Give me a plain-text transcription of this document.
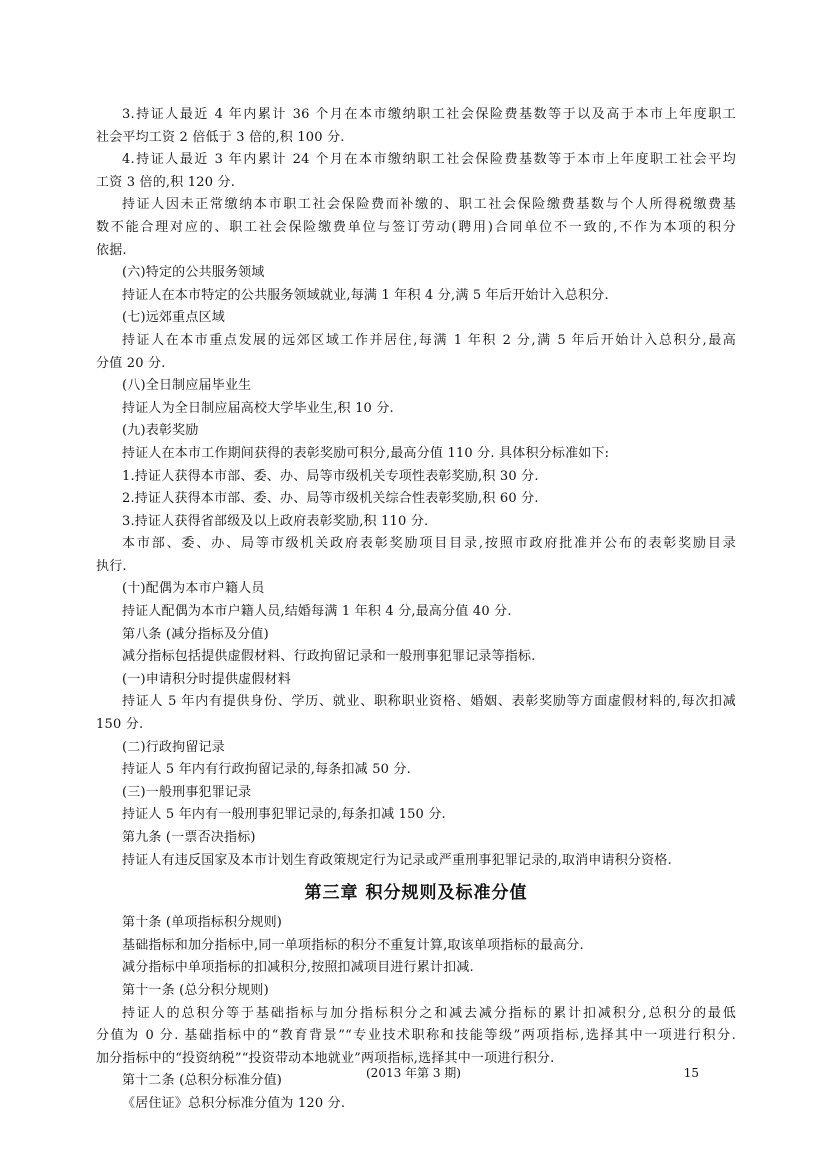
3.持证人最近 4 年内累计 36 个月在本市缴纳职工社会保险费基数等于以及高于本市上年度职工
社会平均工资 2 倍低于 3 倍的,积 100 分.
4.持证人最近 3 年内累计 24 个月在本市缴纳职工社会保险费基数等于本市上年度职工社会平均
工资 3 倍的,积 120 分.
持证人因未正常缴纳本市职工社会保险费而补缴的、职工社会保险缴费基数与个人所得税缴费基
数不能合理对应的、职工社会保险缴费单位与签订劳动(聘用)合同单位不一致的,不作为本项的积分
依据.
(六)特定的公共服务领域
持证人在本市特定的公共服务领域就业,每满 1 年积 4 分,满 5 年后开始计入总积分.
(七)远郊重点区域
持证人在本市重点发展的远郊区域工作并居住,每满 1 年积 2 分,满 5 年后开始计入总积分,最高
分值 20 分.
(八)全日制应届毕业生
持证人为全日制应届高校大学毕业生,积 10 分.
(九)表彰奖励
持证人在本市工作期间获得的表彰奖励可积分,最高分值 110 分. 具体积分标准如下:
1.持证人获得本市部、委、办、局等市级机关专项性表彰奖励,积 30 分.
2.持证人获得本市部、委、办、局等市级机关综合性表彰奖励,积 60 分.
3.持证人获得省部级及以上政府表彰奖励,积 110 分.
本市部、委、办、局等市级机关政府表彰奖励项目目录,按照市政府批准并公布的表彰奖励目录
执行.
(十)配偶为本市户籍人员
持证人配偶为本市户籍人员,结婚每满 1 年积 4 分,最高分值 40 分.
第八条 (减分指标及分值)
减分指标包括提供虚假材料、行政拘留记录和一般刑事犯罪记录等指标.
(一)申请积分时提供虚假材料
持证人 5 年内有提供身份、学历、就业、职称职业资格、婚姻、表彰奖励等方面虚假材料的,每次扣减
150 分.
(二)行政拘留记录
持证人 5 年内有行政拘留记录的,每条扣减 50 分.
(三)一般刑事犯罪记录
持证人 5 年内有一般刑事犯罪记录的,每条扣减 150 分.
第九条 (一票否决指标)
持证人有违反国家及本市计划生育政策规定行为记录或严重刑事犯罪记录的,取消申请积分资格.
第三章 积分规则及标准分值
第十条 (单项指标积分规则)
基础指标和加分指标中,同一单项指标的积分不重复计算,取该单项指标的最高分.
减分指标中单项指标的扣减积分,按照扣减项目进行累计扣减.
第十一条 (总分积分规则)
持证人的总积分等于基础指标与加分指标积分之和减去减分指标的累计扣减积分,总积分的最低
分值为 0 分. 基础指标中的“教育背景”“专业技术职称和技能等级”两项指标,选择其中一项进行积分.
加分指标中的“投资纳税”“投资带动本地就业”两项指标,选择其中一项进行积分.
第十二条 (总积分标准分值)
《居住证》总积分标准分值为 120 分.
(2013 年第 3 期)	15
